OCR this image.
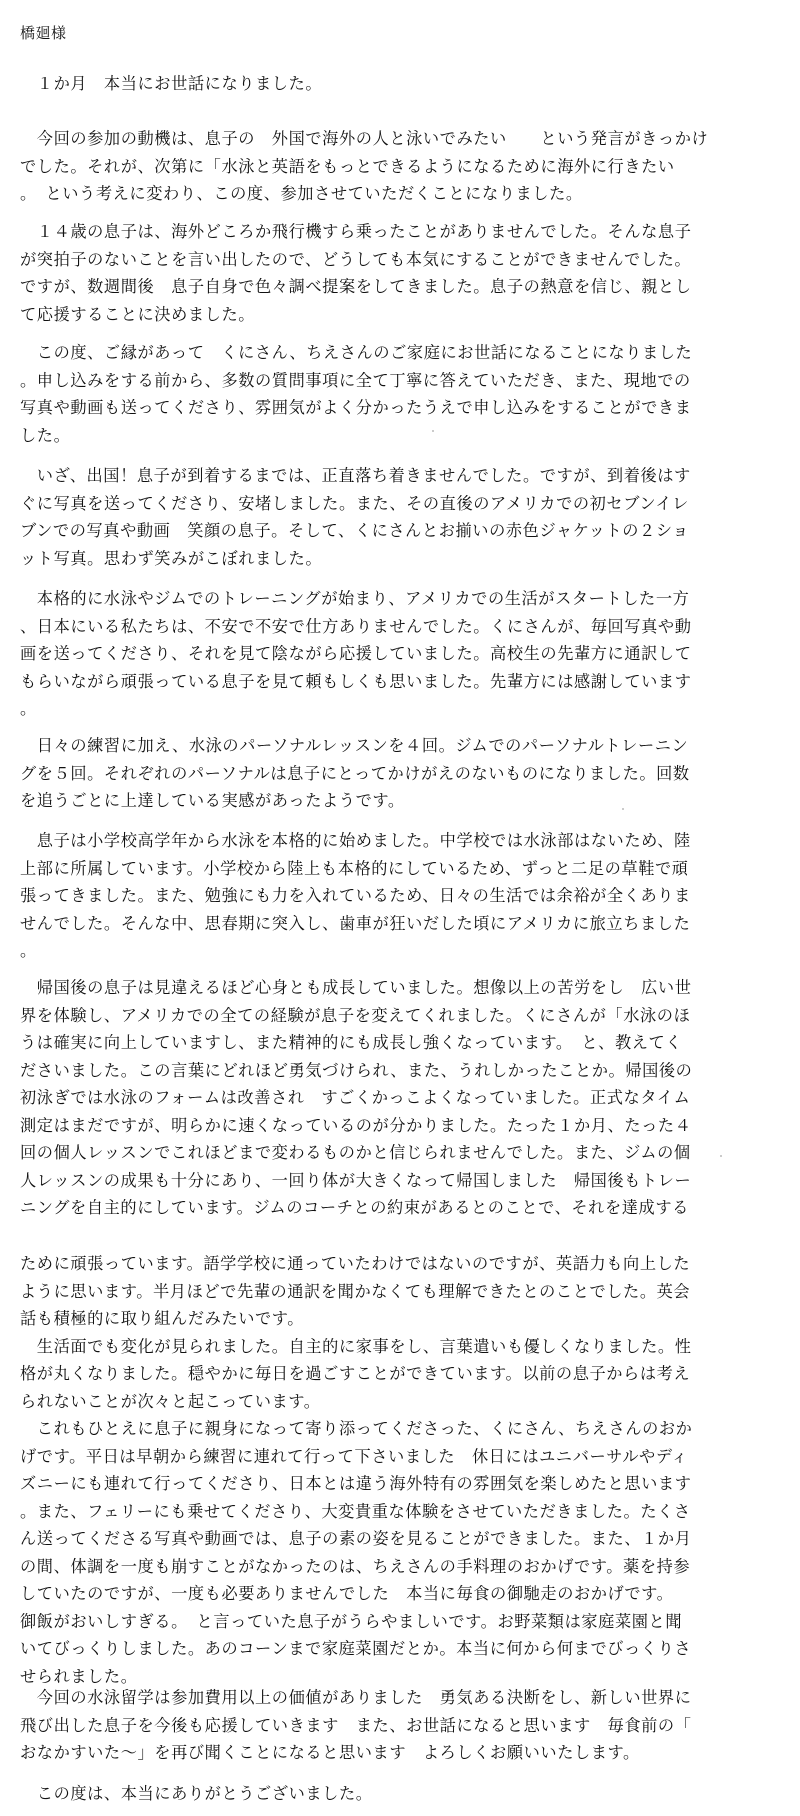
橋廻様
　１か月　本当にお世話になりました。
　今回の参加の動機は、息子の　外国で海外の人と泳いでみたい　　という発言がきっかけ
でした。それが、次第に「水泳と英語をもっとできるようになるために海外に行きたい
。　という考えに変わり、この度、参加させていただくことになりました。
　１４歳の息子は、海外どころか飛行機すら乗ったことがありませんでした。そんな息子
が突拍子のないことを言い出したので、どうしても本気にすることができませんでした。
ですが、数週間後　息子自身で色々調べ提案をしてきました。息子の熱意を信じ、親とし
て応援することに決めました。
　この度、ご縁があって　くにさん、ちえさんのご家庭にお世話になることになりました
。申し込みをする前から、多数の質問事項に全て丁寧に答えていただき、また、現地での
写真や動画も送ってくださり、雰囲気がよく分かったうえで申し込みをすることができま
した。
　いざ、出国！息子が到着するまでは、正直落ち着きませんでした。ですが、到着後はす
ぐに写真を送ってくださり、安堵しました。また、その直後のアメリカでの初セブンイレ
ブンでの写真や動画　笑顔の息子。そして、くにさんとお揃いの赤色ジャケットの２ショ
ット写真。思わず笑みがこぼれました。
　本格的に水泳やジムでのトレーニングが始まり、アメリカでの生活がスタートした一方
、日本にいる私たちは、不安で不安で仕方ありませんでした。くにさんが、毎回写真や動
画を送ってくださり、それを見て陰ながら応援していました。高校生の先輩方に通訳して
もらいながら頑張っている息子を見て頼もしくも思いました。先輩方には感謝しています
。
　日々の練習に加え、水泳のパーソナルレッスンを４回。ジムでのパーソナルトレーニン
グを５回。それぞれのパーソナルは息子にとってかけがえのないものになりました。回数
を追うごとに上達している実感があったようです。
　息子は小学校高学年から水泳を本格的に始めました。中学校では水泳部はないため、陸
上部に所属しています。小学校から陸上も本格的にしているため、ずっと二足の草鞋で頑
張ってきました。また、勉強にも力を入れているため、日々の生活では余裕が全くありま
せんでした。そんな中、思春期に突入し、歯車が狂いだした頃にアメリカに旅立ちました
。
　帰国後の息子は見違えるほど心身とも成長していました。想像以上の苦労をし　広い世
界を体験し、アメリカでの全ての経験が息子を変えてくれました。くにさんが「水泳のほ
うは確実に向上していますし、また精神的にも成長し強くなっています。　と、教えてく
ださいました。この言葉にどれほど勇気づけられ、また、うれしかったことか。帰国後の
初泳ぎでは水泳のフォームは改善され　すごくかっこよくなっていました。正式なタイム
測定はまだですが、明らかに速くなっているのが分かりました。たった１か月、たった４
回の個人レッスンでこれほどまで変わるものかと信じられませんでした。また、ジムの個
人レッスンの成果も十分にあり、一回り体が大きくなって帰国しました　帰国後もトレー
ニングを自主的にしています。ジムのコーチとの約束があるとのことで、それを達成する
ために頑張っています。語学学校に通っていたわけではないのですが、英語力も向上した
ように思います。半月ほどで先輩の通訳を聞かなくても理解できたとのことでした。英会
話も積極的に取り組んだみたいです。
　生活面でも変化が見られました。自主的に家事をし、言葉遣いも優しくなりました。性
格が丸くなりました。穏やかに毎日を過ごすことができています。以前の息子からは考え
られないことが次々と起こっています。
　これもひとえに息子に親身になって寄り添ってくださった、くにさん、ちえさんのおか
げです。平日は早朝から練習に連れて行って下さいました　休日にはユニバーサルやディ
ズニーにも連れて行ってくださり、日本とは違う海外特有の雰囲気を楽しめたと思います
。また、フェリーにも乗せてくださり、大変貴重な体験をさせていただきました。たくさ
ん送ってくださる写真や動画では、息子の素の姿を見ることができました。また、１か月
の間、体調を一度も崩すことがなかったのは、ちえさんの手料理のおかげです。薬を持参
していたのですが、一度も必要ありませんでした　本当に毎食の御馳走のおかげです。
御飯がおいしすぎる。　と言っていた息子がうらやましいです。お野菜類は家庭菜園と聞
いてびっくりしました。あのコーンまで家庭菜園だとか。本当に何から何までびっくりさ
せられました。
　今回の水泳留学は参加費用以上の価値がありました　勇気ある決断をし、新しい世界に
飛び出した息子を今後も応援していきます　また、お世話になると思います　毎食前の「
おなかすいた～」を再び聞くことになると思います　よろしくお願いいたします。
　この度は、本当にありがとうございました。
